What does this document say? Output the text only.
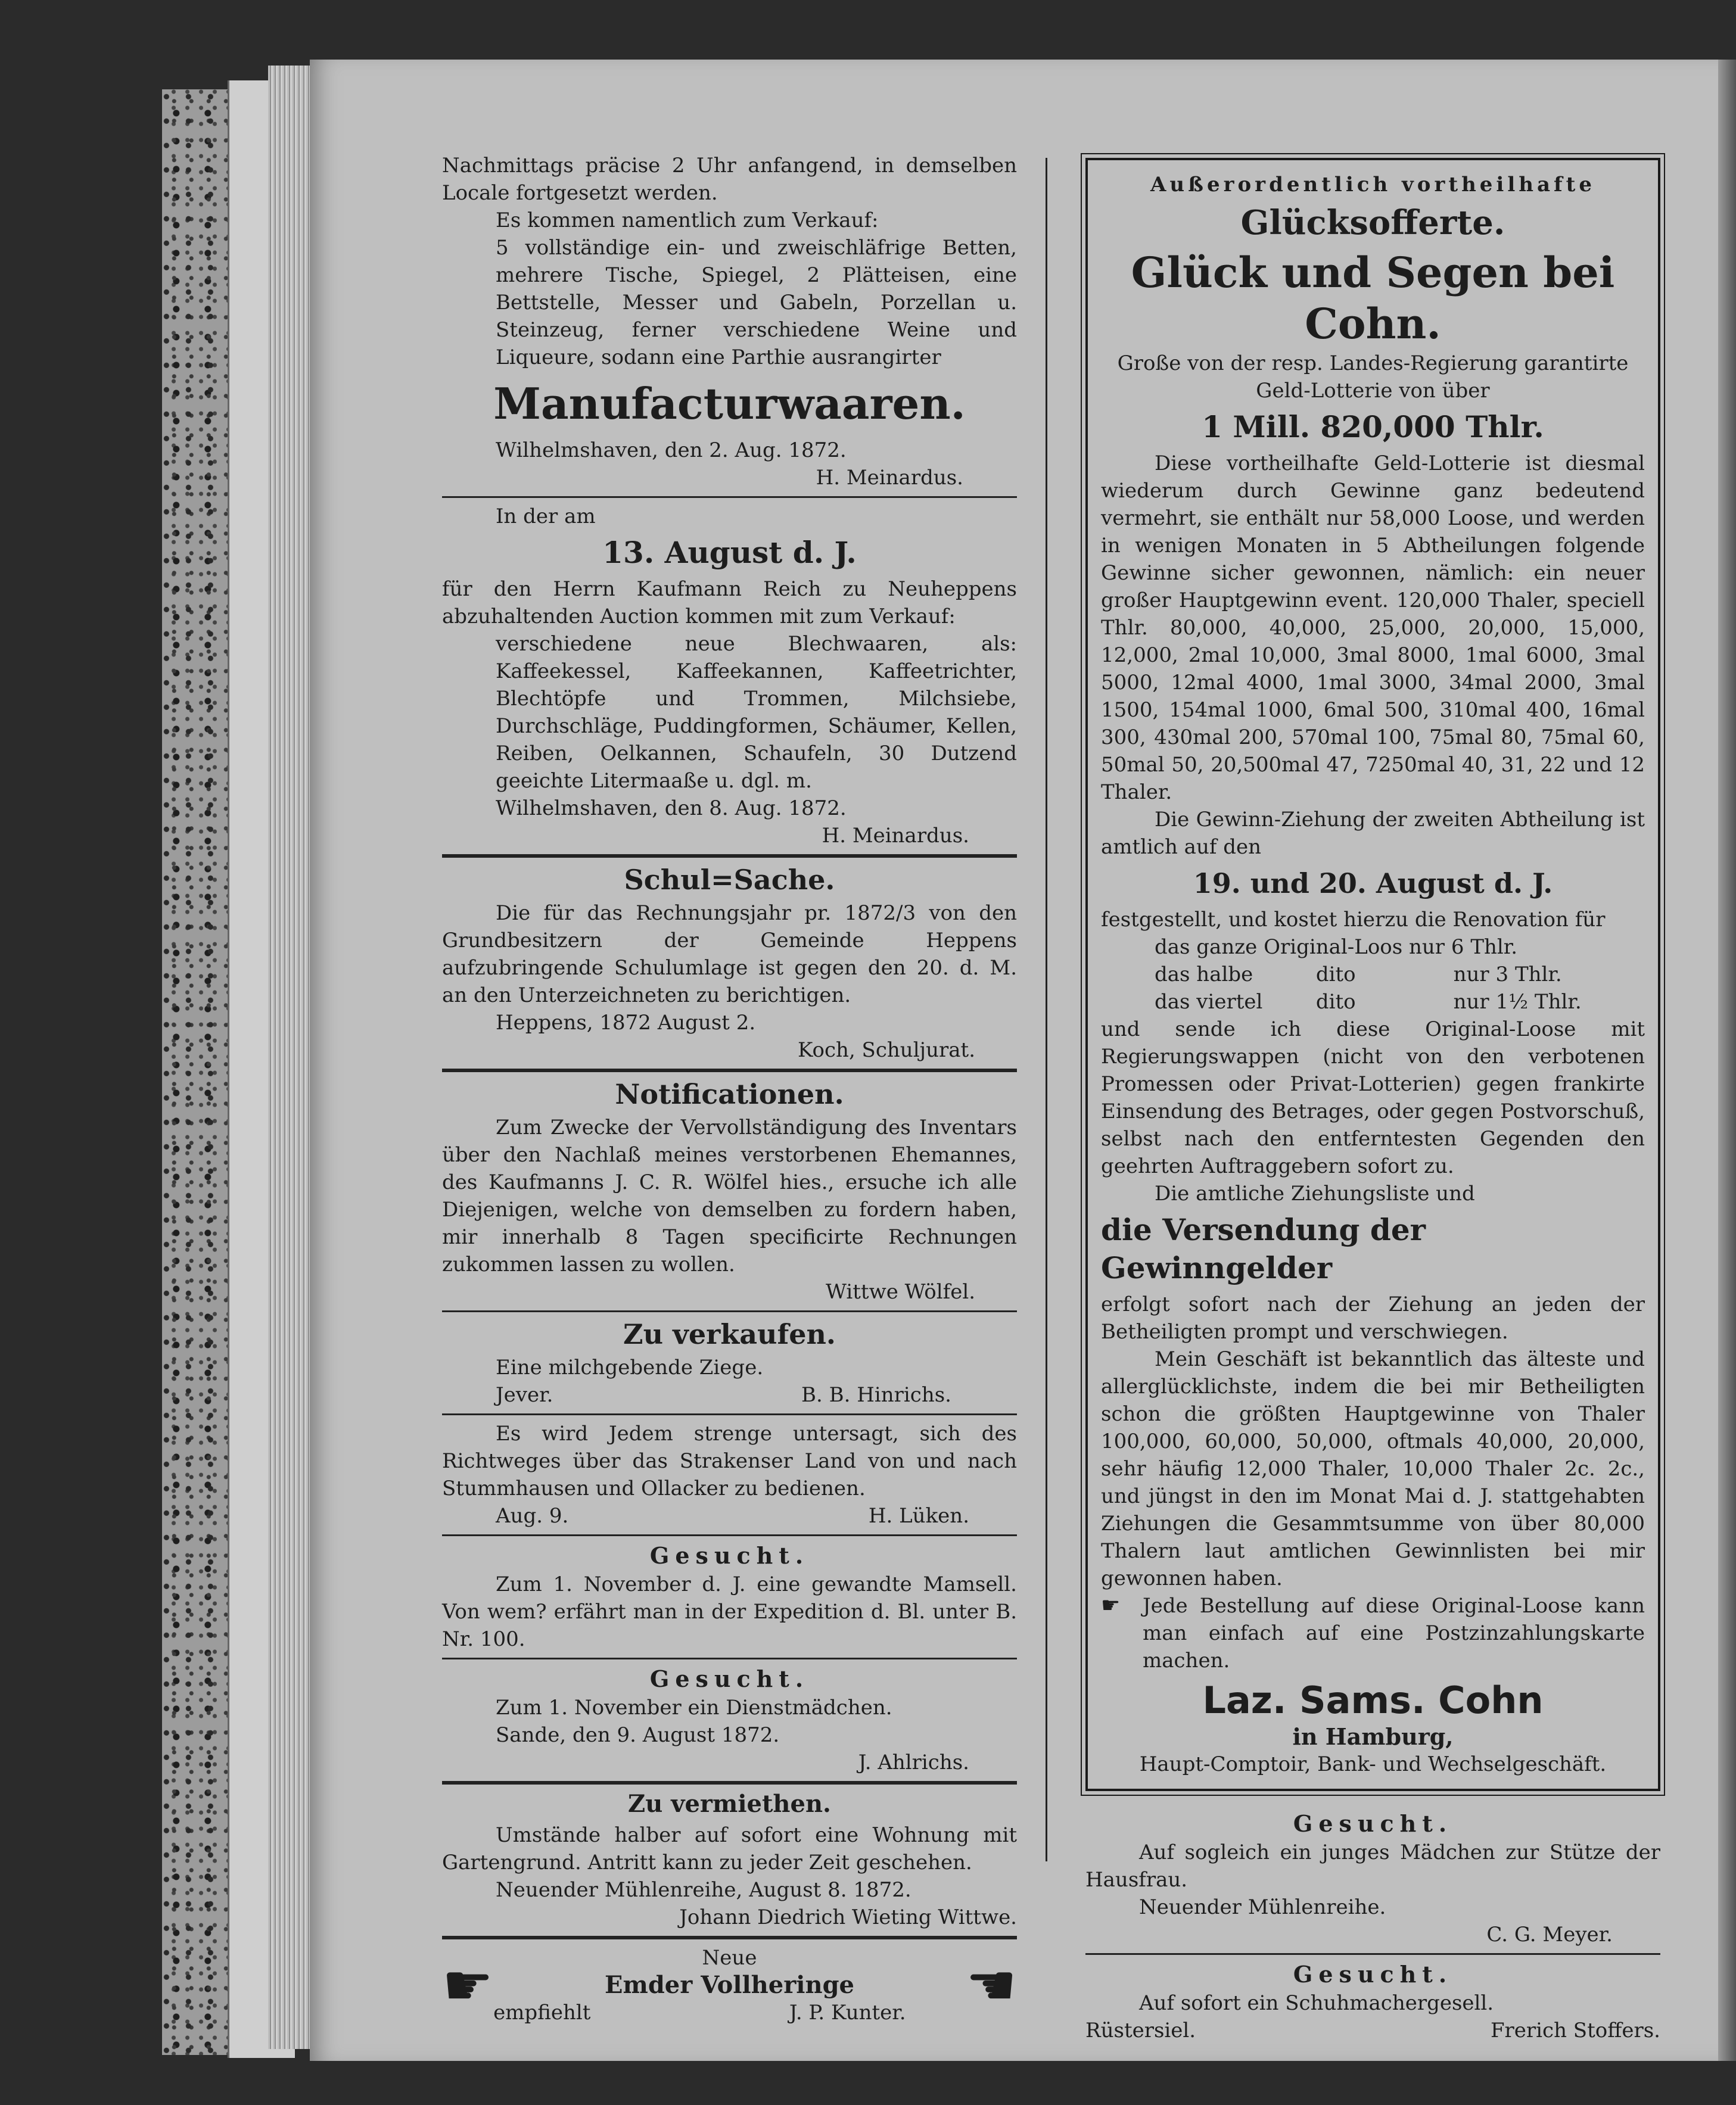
Nachmittags präcise 2 Uhr anfangend, in demselben Locale fortgesetzt werden.

Es kommen namentlich zum Verkauf:

5 vollständige ein- und zweischläfrige Betten, mehrere Tische, Spiegel, 2 Plätteisen, eine Bettstelle, Messer und Gabeln, Porzellan u. Steinzeug, ferner verschiedene Weine und Liqueure, sodann eine Parthie ausrangirter

Manufacturwaaren.

Wilhelmshaven, den 2. Aug. 1872.

H. Meinardus.

In der am

13. August d. J.

für den Herrn Kaufmann Reich zu Neuheppens abzuhaltenden Auction kommen mit zum Verkauf:

verschiedene neue Blechwaaren, als: Kaffeekessel, Kaffeekannen, Kaffeetrichter, Blechtöpfe und Trommen, Milchsiebe, Durchschläge, Puddingformen, Schäumer, Kellen, Reiben, Oelkannen, Schaufeln, 30 Dutzend geeichte Litermaaße u. dgl. m.

Wilhelmshaven, den 8. Aug. 1872.

H. Meinardus.

Schul=Sache.

Die für das Rechnungsjahr pr. 1872/3 von den Grundbesitzern der Gemeinde Heppens aufzubringende Schulumlage ist gegen den 20. d. M. an den Unterzeichneten zu berichtigen.

Heppens, 1872 August 2.

Koch, Schuljurat.

Notificationen.

Zum Zwecke der Vervollständigung des Inventars über den Nachlaß meines verstorbenen Ehemannes, des Kaufmanns J. C. R. Wölfel hies., ersuche ich alle Diejenigen, welche von demselben zu fordern haben, mir innerhalb 8 Tagen specificirte Rechnungen zukommen lassen zu wollen.

Wittwe Wölfel.

Zu verkaufen.

Eine milchgebende Ziege.

Jever.	B. B. Hinrichs.

Es wird Jedem strenge untersagt, sich des Richtweges über das Strakenser Land von und nach Stummhausen und Ollacker zu bedienen.

Aug. 9.	H. Lüken.
Gesucht.

Zum 1. November d. J. eine gewandte Mamsell. Von wem? erfährt man in der Expedition d. Bl. unter B. Nr. 100.

Gesucht.

Zum 1. November ein Dienstmädchen.

Sande, den 9. August 1872.

J. Ahlrichs.

Zu vermiethen.

Umstände halber auf sofort eine Wohnung mit Gartengrund. Antritt kann zu jeder Zeit geschehen.

Neuender Mühlenreihe, August 8. 1872.

Johann Diedrich Wieting Wittwe.

☛	Neue
Emder Vollheringe
empfiehlt	J. P. Kunter.	☛
Außerordentlich vortheilhafte
Glücksofferte.
Glück und Segen bei Cohn.

Große von der resp. Landes-Regierung garantirte Geld-Lotterie von über

1 Mill. 820,000 Thlr.

Diese vortheilhafte Geld-Lotterie ist diesmal wiederum durch Gewinne ganz bedeutend vermehrt, sie enthält nur 58,000 Loose, und werden in wenigen Monaten in 5 Abtheilungen folgende Gewinne sicher gewonnen, nämlich: ein neuer großer Hauptgewinn event. 120,000 Thaler, speciell Thlr. 80,000, 40,000, 25,000, 20,000, 15,000, 12,000, 2mal 10,000, 3mal 8000, 1mal 6000, 3mal 5000, 12mal 4000, 1mal 3000, 34mal 2000, 3mal 1500, 154mal 1000, 6mal 500, 310mal 400, 16mal 300, 430mal 200, 570mal 100, 75mal 80, 75mal 60, 50mal 50, 20,500mal 47, 7250mal 40, 31, 22 und 12 Thaler.

Die Gewinn-Ziehung der zweiten Abtheilung ist amtlich auf den

19. und 20. August d. J.

festgestellt, und kostet hierzu die Renovation für

das ganze Original-Loos nur 6 Thlr.
das halbe	dito	nur 3 Thlr.
das viertel	dito	nur 1½ Thlr.

und sende ich diese Original-Loose mit Regierungswappen (nicht von den verbotenen Promessen oder Privat-Lotterien) gegen frankirte Einsendung des Betrages, oder gegen Postvorschuß, selbst nach den entferntesten Gegenden den geehrten Auftraggebern sofort zu.

Die amtliche Ziehungsliste und

die Versendung der Gewinngelder

erfolgt sofort nach der Ziehung an jeden der Betheiligten prompt und verschwiegen.

Mein Geschäft ist bekanntlich das älteste und allerglücklichste, indem die bei mir Betheiligten schon die größten Hauptgewinne von Thaler 100,000, 60,000, 50,000, oftmals 40,000, 20,000, sehr häufig 12,000 Thaler, 10,000 Thaler 2c. 2c., und jüngst in den im Monat Mai d. J. stattgehabten Ziehungen die Gesammtsumme von über 80,000 Thalern laut amtlichen Gewinnlisten bei mir gewonnen haben.

☛	Jede Bestellung auf diese Original-Loose kann man einfach auf eine Postzinzahlungskarte machen.

Laz. Sams. Cohn
in Hamburg,
Haupt-Comptoir, Bank- und Wechselgeschäft.
Gesucht.

Auf sogleich ein junges Mädchen zur Stütze der Hausfrau.

Neuender Mühlenreihe.

C. G. Meyer.

Gesucht.

Auf sofort ein Schuhmachergesell.

Rüstersiel.	Frerich Stoffers.
